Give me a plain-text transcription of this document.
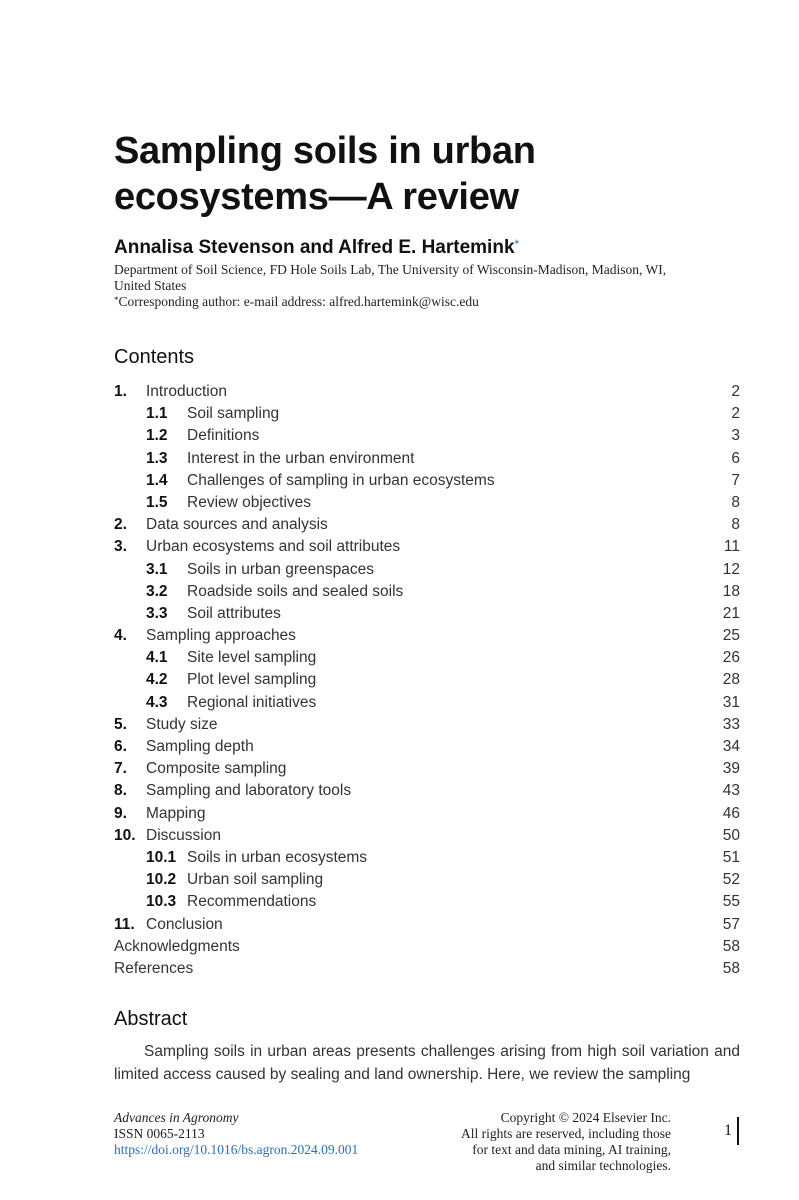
Sampling soils in urban ecosystems—A review
Annalisa Stevenson and Alfred E. Hartemink*
Department of Soil Science, FD Hole Soils Lab, The University of Wisconsin-Madison, Madison, WI, United States
*Corresponding author: e-mail address: alfred.hartemink@wisc.edu
Contents
1. Introduction	2
1.1 Soil sampling	2
1.2 Definitions	3
1.3 Interest in the urban environment	6
1.4 Challenges of sampling in urban ecosystems	7
1.5 Review objectives	8
2. Data sources and analysis	8
3. Urban ecosystems and soil attributes	11
3.1 Soils in urban greenspaces	12
3.2 Roadside soils and sealed soils	18
3.3 Soil attributes	21
4. Sampling approaches	25
4.1 Site level sampling	26
4.2 Plot level sampling	28
4.3 Regional initiatives	31
5. Study size	33
6. Sampling depth	34
7. Composite sampling	39
8. Sampling and laboratory tools	43
9. Mapping	46
10. Discussion	50
10.1 Soils in urban ecosystems	51
10.2 Urban soil sampling	52
10.3 Recommendations	55
11. Conclusion	57
Acknowledgments	58
References	58
Abstract
Sampling soils in urban areas presents challenges arising from high soil variation and limited access caused by sealing and land ownership. Here, we review the sampling
Advances in Agronomy
ISSN 0065-2113
https://doi.org/10.1016/bs.agron.2024.09.001
Copyright © 2024 Elsevier Inc.
All rights are reserved, including those
for text and data mining, AI training,
and similar technologies.
1
